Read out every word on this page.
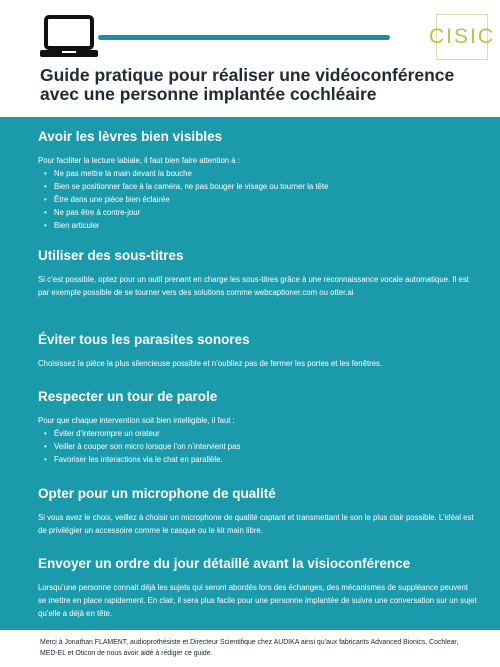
CISIC
Guide pratique pour réaliser une vidéoconférence avec une personne implantée cochléaire
Avoir les lèvres bien visibles

Pour faciliter la lecture labiale, il faut bien faire attention à :

• Ne pas mettre la main devant la bouche
• Bien se positionner face à la caméra, ne pas bouger le visage ou tourner la tête
• Être dans une pièce bien éclairée
• Ne pas être à contre-jour
• Bien articuler
Utiliser des sous-titres

Si c’est possible, optez pour un outil prenant en charge les sous-titres grâce à une reconnaissance vocale automatique. Il est par exemple possible de se tourner vers des solutions comme webcaptioner.com ou otter.ai

Éviter tous les parasites sonores

Choisissez la pièce la plus silencieuse possible et n’oubliez pas de fermer les portes et les fenêtres.

Respecter un tour de parole

Pour que chaque intervention soit bien intelligible, il faut :

• Éviter d’interrompre un orateur
• Veiller à couper son micro lorsque l’on n’intervient pas
• Favoriser les interactions via le chat en parallèle.
Opter pour un microphone de qualité

Si vous avez le choix, veillez à choisir un microphone de qualité captant et transmettant le son le plus clair possible. L’idéal est de privilégier un accessoire comme le casque ou le kit main libre.

Envoyer un ordre du jour détaillé avant la visioconférence

Lorsqu’une personne connait déjà les sujets qui seront abordés lors des échanges, des mécanismes de suppléance peuvent se mettre en place rapidement. En clair, il sera plus facile pour une personne implantée de suivre une conversation sur un sujet qu’elle a déjà en tête.

Merci à Jonathan FLAMENT, audioprothésiste et Directeur Scientifique chez AUDIKA ainsi qu’aux fabricants Advanced Bionics, Cochlear, MED-EL et Oticon de nous avoir aidé à rédiger ce guide.
